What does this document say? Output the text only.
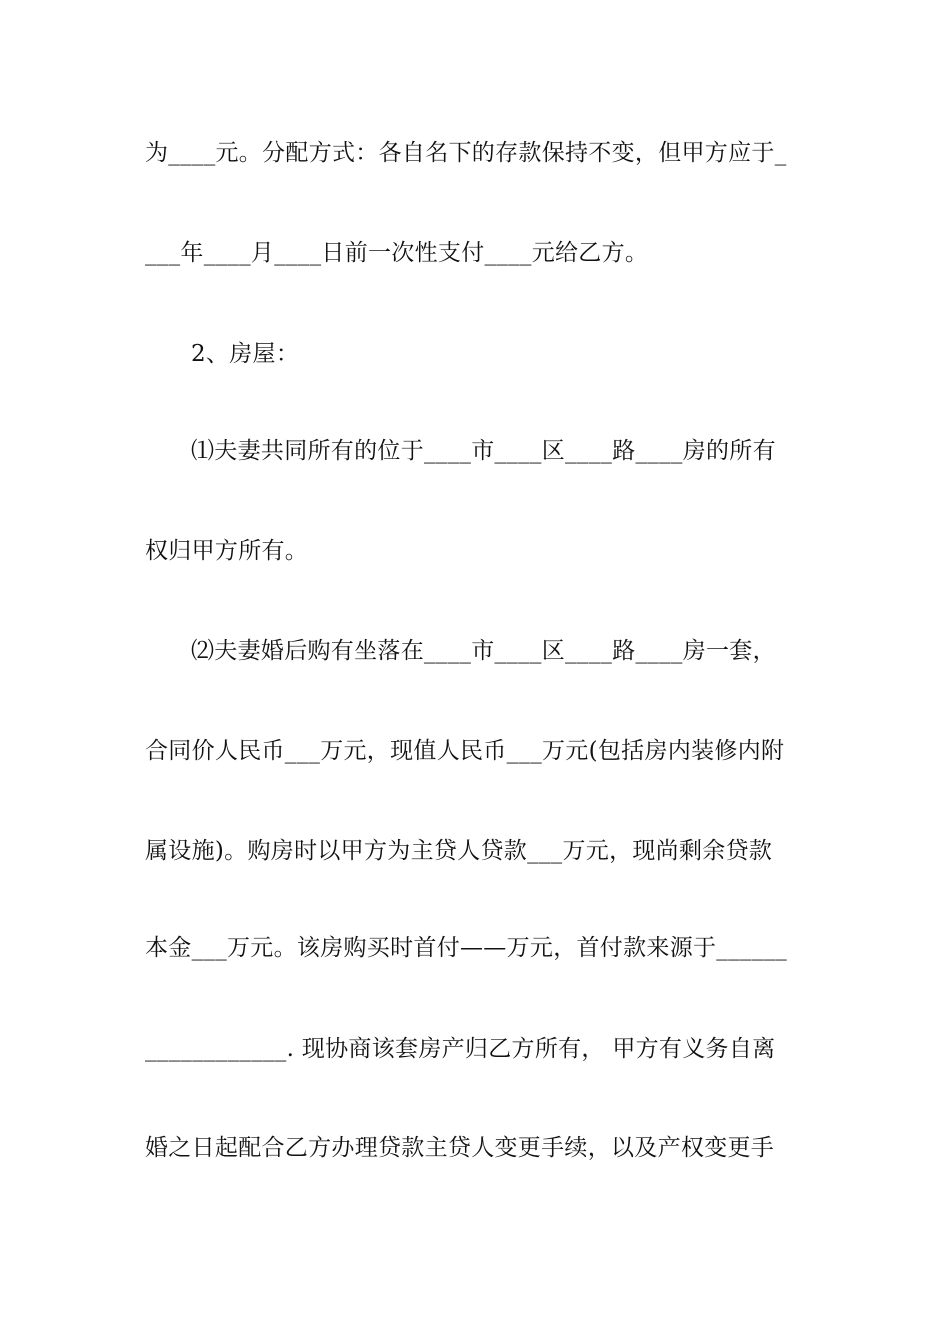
为____元。分配方式：各自名下的存款保持不变，但甲方应于_
___年____月____日前一次性支付____元给乙方。
2、房屋：
⑴夫妻共同所有的位于____市____区____路____房的所有
权归甲方所有。
⑵夫妻婚后购有坐落在____市____区____路____房一套，
合同价人民币___万元，现值人民币___万元(包括房内装修内附
属设施)。购房时以甲方为主贷人贷款___万元，现尚剩余贷款
本金___万元。该房购买时首付——万元，首付款来源于______
____________. 现协商该套房产归乙方所有， 甲方有义务自离
婚之日起配合乙方办理贷款主贷人变更手续，以及产权变更手
